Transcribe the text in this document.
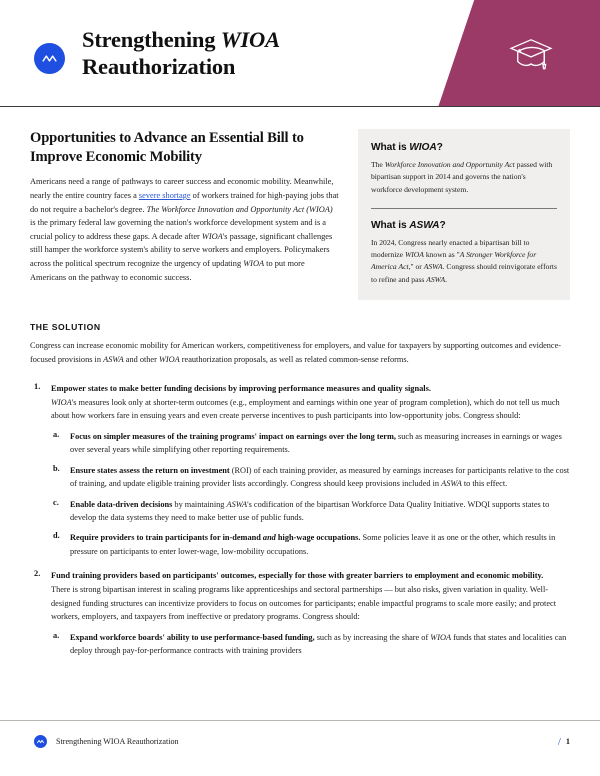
Strengthening WIOA
Reauthorization
Opportunities to Advance an Essential Bill to Improve Economic Mobility

Americans need a range of pathways to career success and economic mobility. Meanwhile, nearly the entire country faces a severe shortage of workers trained for high-paying jobs that do not require a bachelor's degree. The Workforce Innovation and Opportunity Act (WIOA) is the primary federal law governing the nation's workforce development system and is a crucial policy to address these gaps. A decade after WIOA's passage, significant challenges still hamper the workforce system's ability to serve workers and employers. Policymakers across the political spectrum recognize the urgency of updating WIOA to put more Americans on the pathway to economic success.

What is WIOA?

The Workforce Innovation and Opportunity Act passed with bipartisan support in 2014 and governs the nation's workforce development system.

What is ASWA?

In 2024, Congress nearly enacted a bipartisan bill to modernize WIOA known as "A Stronger Workforce for America Act," or ASWA. Congress should reinvigorate efforts to refine and pass ASWA.

THE SOLUTION

Congress can increase economic mobility for American workers, competitiveness for employers, and value for taxpayers by supporting outcomes and evidence-focused provisions in ASWA and other WIOA reauthorization proposals, as well as related common-sense reforms.

Empower states to make better funding decisions by improving performance measures and quality signals.

WIOA's measures look only at shorter-term outcomes (e.g., employment and earnings within one year of program completion), which do not tell us much about how workers fare in ensuing years and even create perverse incentives to push participants into low-opportunity jobs. Congress should:

Focus on simpler measures of the training programs' impact on earnings over the long term, such as measuring increases in earnings or wages over several years while simplifying other reporting requirements.

Ensure states assess the return on investment (ROI) of each training provider, as measured by earnings increases for participants relative to the cost of training, and update eligible training provider lists accordingly. Congress should keep provisions included in ASWA to this effect.

Enable data-driven decisions by maintaining ASWA's codification of the bipartisan Workforce Data Quality Initiative. WDQI supports states to develop the data systems they need to make better use of public funds.

Require providers to train participants for in-demand and high-wage occupations. Some policies leave it as one or the other, which results in pressure on participants to enter lower-wage, low-mobility occupations.

Fund training providers based on participants' outcomes, especially for those with greater barriers to employment and economic mobility.

There is strong bipartisan interest in scaling programs like apprenticeships and sectoral partnerships — but also risks, given variation in quality. Well-designed funding structures can incentivize providers to focus on outcomes for participants; enable impactful programs to scale more easily; and protect workers, employers, and taxpayers from ineffective or predatory programs. Congress should:

Expand workforce boards' ability to use performance-based funding, such as by increasing the share of WIOA funds that states and localities can deploy through pay-for-performance contracts with training providers

Strengthening WIOA Reauthorization	/ 1
